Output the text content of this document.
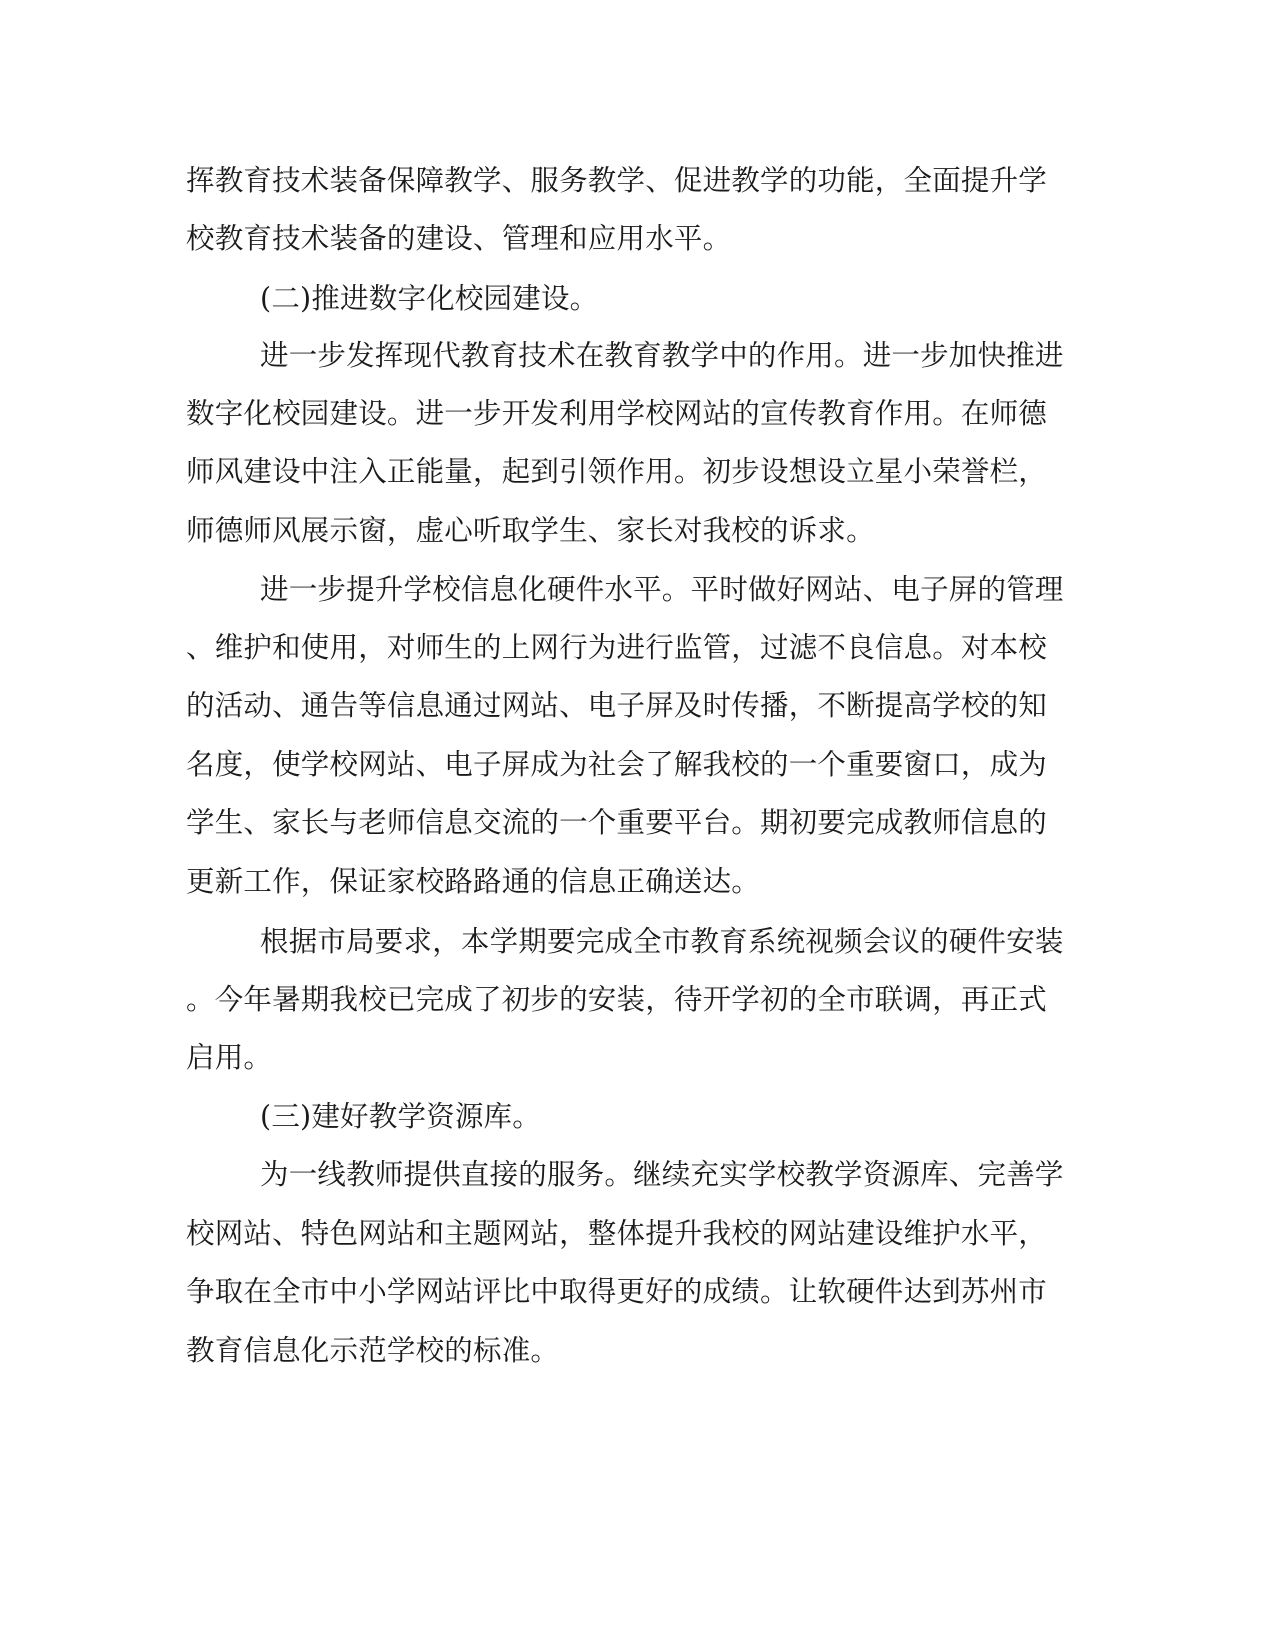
挥教育技术装备保障教学、服务教学、促进教学的功能，全面提升学
校教育技术装备的建设、管理和应用水平。
(二)推进数字化校园建设。
进一步发挥现代教育技术在教育教学中的作用。进一步加快推进
数字化校园建设。进一步开发利用学校网站的宣传教育作用。在师德
师风建设中注入正能量，起到引领作用。初步设想设立星小荣誉栏，
师德师风展示窗，虚心听取学生、家长对我校的诉求。
进一步提升学校信息化硬件水平。平时做好网站、电子屏的管理
、维护和使用，对师生的上网行为进行监管，过滤不良信息。对本校
的活动、通告等信息通过网站、电子屏及时传播，不断提高学校的知
名度，使学校网站、电子屏成为社会了解我校的一个重要窗口，成为
学生、家长与老师信息交流的一个重要平台。期初要完成教师信息的
更新工作，保证家校路路通的信息正确送达。
根据市局要求，本学期要完成全市教育系统视频会议的硬件安装
。今年暑期我校已完成了初步的安装，待开学初的全市联调，再正式
启用。
(三)建好教学资源库。
为一线教师提供直接的服务。继续充实学校教学资源库、完善学
校网站、特色网站和主题网站，整体提升我校的网站建设维护水平，
争取在全市中小学网站评比中取得更好的成绩。让软硬件达到苏州市
教育信息化示范学校的标准。
